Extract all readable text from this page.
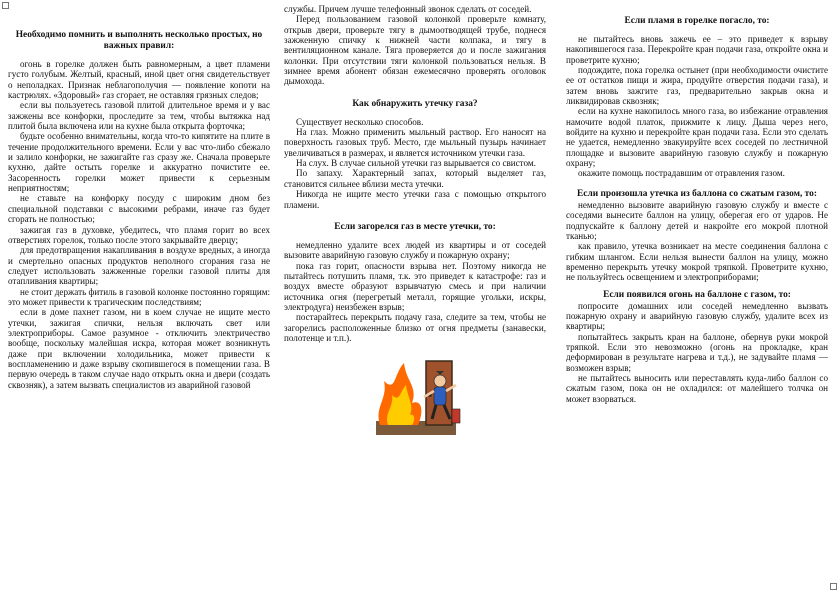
Необходимо помнить и выполнять несколько простых, но важных правил:

огонь в горелке должен быть равномерным, а цвет пламени густо голубым. Желтый, красный, иной цвет огня свидетельствует о неполадках. Признак неблагополучия — появление копоти на кастрюлях. «Здоровый» газ сгорает, не оставляя грязных следов;

если вы пользуетесь газовой плитой длительное время и у вас зажжены все конфорки, проследите за тем, чтобы вытяжка над плитой была включена или на кухне была открыта форточка;

будьте особенно внимательны, когда что-то кипятите на плите в течение продолжительного времени. Если у вас что-либо сбежало и залило конфорки, не зажигайте газ сразу же. Сначала проверьте кухню, дайте остыть горелке и аккуратно почистите ее. Засоренность горелки может привести к серьезным неприятностям;

не ставьте на конфорку посуду с широким дном без специальной подставки с высокими ребрами, иначе газ будет сгорать не полностью;

зажигая газ в духовке, убедитесь, что пламя горит во всех отверстиях горелок, только после этого закрывайте дверцу;

для предотвращения накапливания в воздухе вредных, а иногда и смертельно опасных продуктов неполного сгорания газа не следует использовать зажженные горелки газовой плиты для отапливания квартиры;

не стоит держать фитиль в газовой колонке постоянно горящим: это может привести к трагическим последствиям;

если в доме пахнет газом, ни в коем случае не ищите место утечки, зажигая спички, нельзя включать свет или электроприборы. Самое разумное - отключить электричество вообще, поскольку малейшая искра, которая может возникнуть даже при включении холодильника, может привести к воспламенению и даже взрыву скопившегося в помещении газа. В первую очередь в таком случае надо открыть окна и двери (создать сквозняк), а затем вызвать специалистов из аварийной газовой

службы. Причем лучше телефонный звонок сделать от соседей.

Перед пользованием газовой колонкой проверьте комнату, открыв двери, проверьте тягу в дымоотводящей трубе, поднеся зажженную спичку к нижней части колпака, и тягу в вентиляционном канале. Тяга проверяется до и после зажигания колонки. При отсутствии тяги колонкой пользоваться нельзя. В зимнее время абонент обязан ежемесячно проверять оголовок дымохода.

Как обнаружить утечку газа?

Существует несколько способов.

На глаз. Можно применить мыльный раствор. Его наносят на поверхность газовых труб. Место, где мыльный пузырь начинает увеличиваться в размерах, и является источником утечки газа.

На слух. В случае сильной утечки газ вырывается со свистом.

По запаху. Характерный запах, который выделяет газ, становится сильнее вблизи места утечки.

Никогда не ищите место утечки газа с помощью открытого пламени.

Если загорелся газ в месте утечки, то:

немедленно удалите всех людей из квартиры и от соседей вызовите аварийную газовую службу и пожарную охрану;

пока газ горит, опасности взрыва нет. Поэтому никогда не пытайтесь потушить пламя, т.к. это приведет к катастрофе: газ и воздух вместе образуют взрывчатую смесь и при наличии источника огня (перегретый металл, горящие угольки, искры, электродуга) неизбежен взрыв;

постарайтесь перекрыть подачу газа, следите за тем, чтобы не загорелись расположенные близко от огня предметы (занавески, полотенце и т.п.).

Если пламя в горелке погасло, то:

не пытайтесь вновь зажечь ее – это приведет к взрыву накопившегося газа. Перекройте кран подачи газа, откройте окна и проветрите кухню;

подождите, пока горелка остынет (при необходимости очистите ее от остатков пищи и жира, продуйте отверстия подачи газа), и затем вновь зажгите газ, предварительно закрыв окна и ликвидировав сквозняк;

если на кухне накопилось много газа, во избежание отравления намочите водой платок, прижмите к лицу. Дыша через него, войдите на кухню и перекройте кран подачи газа. Если это сделать не удается, немедленно эвакуируйте всех соседей по лестничной площадке и вызовите аварийную газовую службу и пожарную охрану;

окажите помощь пострадавшим от отравления газом.

Если произошла утечка из баллона со сжатым газом, то:

немедленно вызовите аварийную газовую службу и вместе с соседями вынесите баллон на улицу, оберегая его от ударов. Не подпускайте к баллону детей и накройте его мокрой плотной тканью;

как правило, утечка возникает на месте соединения баллона с гибким шлангом. Если нельзя вынести баллон на улицу, можно временно перекрыть утечку мокрой тряпкой. Проветрите кухню, не пользуйтесь освещением и электроприборами;

Если появился огонь на баллоне с газом, то:

попросите домашних или соседей немедленно вызвать пожарную охрану и аварийную газовую службу, удалите всех из квартиры;

попытайтесь закрыть кран на баллоне, обернув руки мокрой тряпкой. Если это невозможно (огонь на прокладке, кран деформирован в результате нагрева и т.д.), не задувайте пламя — возможен взрыв;

не пытайтесь выносить или переставлять куда-либо баллон со сжатым газом, пока он не охладился: от малейшего толчка он может взорваться.
